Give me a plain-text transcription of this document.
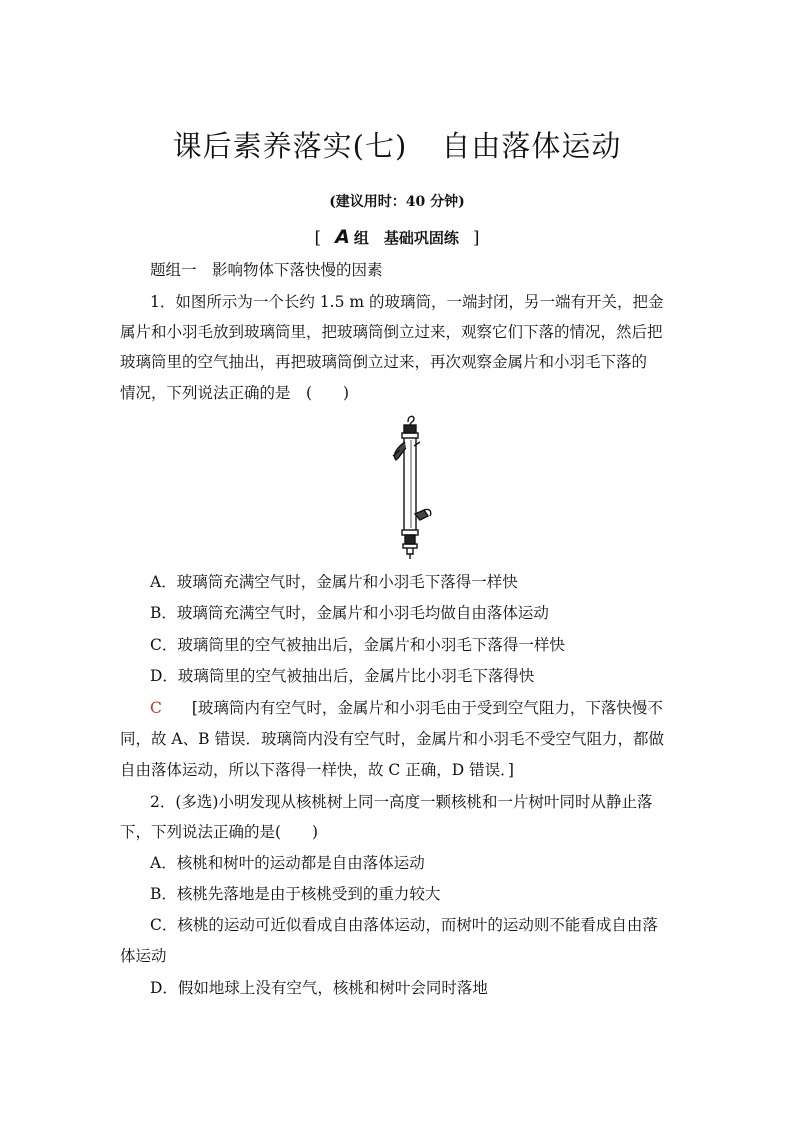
课后素养落实(七) 自由落体运动
(建议用时：40 分钟)
[ A 组　基础巩固练 ]
题组一　影响物体下落快慢的因素
1．如图所示为一个长约 1.5 m 的玻璃筒，一端封闭，另一端有开关，把金
属片和小羽毛放到玻璃筒里，把玻璃筒倒立过来，观察它们下落的情况，然后把
玻璃筒里的空气抽出，再把玻璃筒倒立过来，再次观察金属片和小羽毛下落的
情况，下列说法正确的是　(　　)
A．玻璃筒充满空气时，金属片和小羽毛下落得一样快
B．玻璃筒充满空气时，金属片和小羽毛均做自由落体运动
C．玻璃筒里的空气被抽出后，金属片和小羽毛下落得一样快
D．玻璃筒里的空气被抽出后，金属片比小羽毛下落得快
C [玻璃筒内有空气时，金属片和小羽毛由于受到空气阻力，下落快慢不
同，故 A、B 错误．玻璃筒内没有空气时，金属片和小羽毛不受空气阻力，都做
自由落体运动，所以下落得一样快，故 C 正确，D 错误．]
2．(多选)小明发现从核桃树上同一高度一颗核桃和一片树叶同时从静止落
下，下列说法正确的是(　　)
A．核桃和树叶的运动都是自由落体运动
B．核桃先落地是由于核桃受到的重力较大
C．核桃的运动可近似看成自由落体运动，而树叶的运动则不能看成自由落
体运动
D．假如地球上没有空气，核桃和树叶会同时落地
